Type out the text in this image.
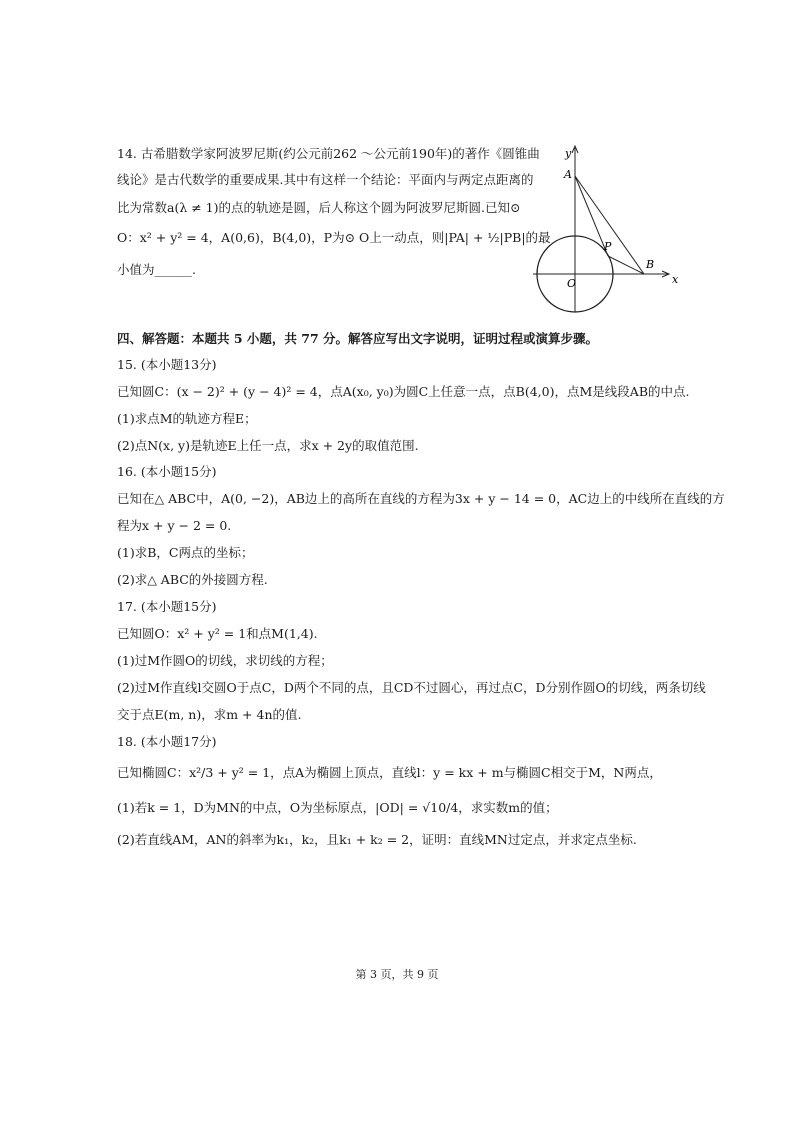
14. 古希腊数学家阿波罗尼斯(约公元前262 ～公元前190年)的著作《圆锥曲
线论》是古代数学的重要成果.其中有这样一个结论：平面内与两定点距离的
比为常数a(λ ≠ 1)的点的轨迹是圆，后人称这个圆为阿波罗尼斯圆.已知⊙
O：x² + y² = 4，A(0,6)，B(4,0)，P为⊙ O上一动点，则|PA| + ½|PB|的最
小值为______.
y
x
A
P
B
O
四、解答题：本题共 5 小题，共 77 分。解答应写出文字说明，证明过程或演算步骤。
15. (本小题13分)
已知圆C：(x − 2)² + (y − 4)² = 4，点A(x₀, y₀)为圆C上任意一点，点B(4,0)，点M是线段AB的中点.
(1)求点M的轨迹方程E；
(2)点N(x, y)是轨迹E上任一点，求x + 2y的取值范围.
16. (本小题15分)
已知在△ ABC中，A(0, −2)，AB边上的高所在直线的方程为3x + y − 14 = 0，AC边上的中线所在直线的方
程为x + y − 2 = 0.
(1)求B，C两点的坐标；
(2)求△ ABC的外接圆方程.
17. (本小题15分)
已知圆O：x² + y² = 1和点M(1,4).
(1)过M作圆O的切线，求切线的方程；
(2)过M作直线l交圆O于点C，D两个不同的点，且CD不过圆心，再过点C，D分别作圆O的切线，两条切线
交于点E(m, n)，求m + 4n的值.
18. (本小题17分)
已知椭圆C：x²/3 + y² = 1，点A为椭圆上顶点，直线l：y = kx + m与椭圆C相交于M，N两点，
(1)若k = 1，D为MN的中点，O为坐标原点，|OD| = √10/4，求实数m的值；
(2)若直线AM，AN的斜率为k₁，k₂，且k₁ + k₂ = 2，证明：直线MN过定点，并求定点坐标.
第 3 页，共 9 页
